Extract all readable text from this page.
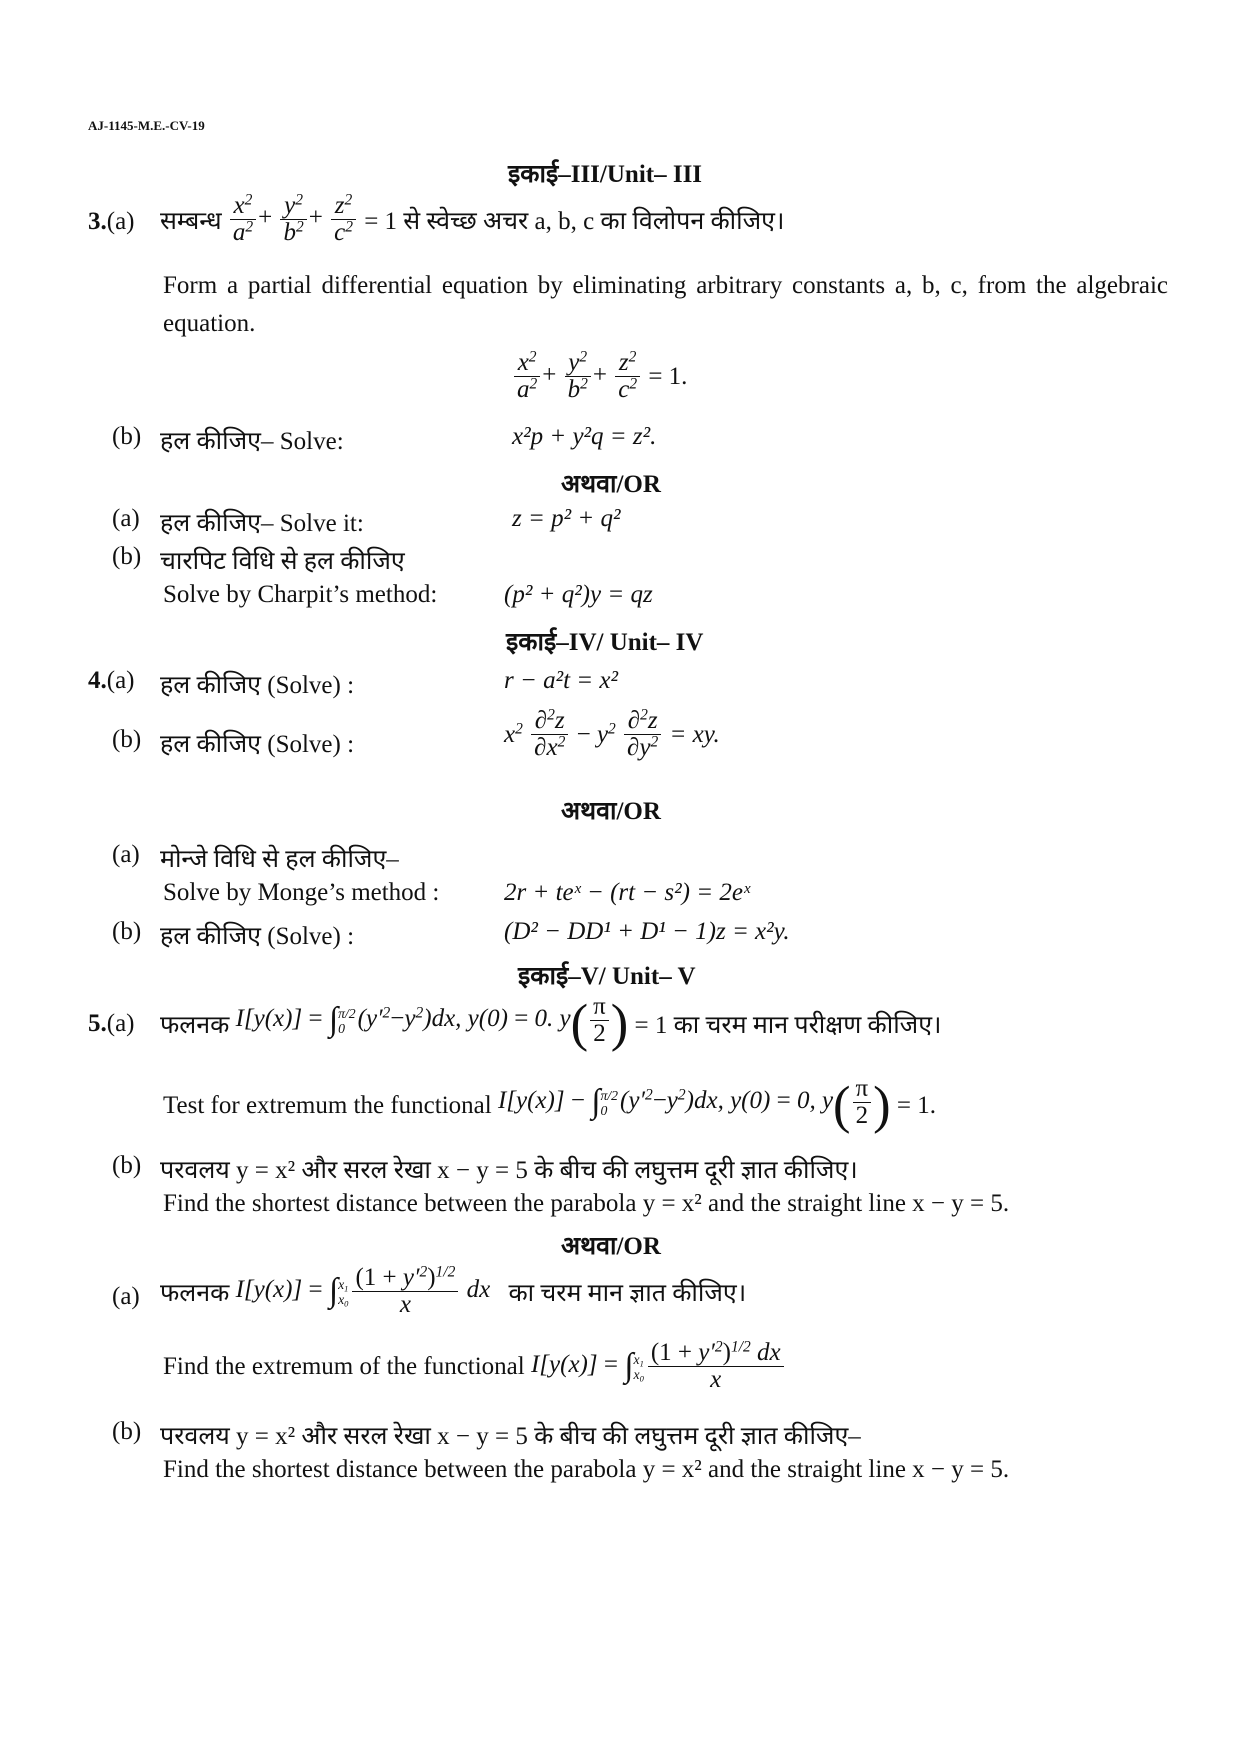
AJ-1145-M.E.-CV-19
इकाई–III/Unit– III
3.(a) सम्बन्ध $\frac{x^2}{a^2} + \frac{y^2}{b^2} + \frac{z^2}{c^2} = 1$ से स्वेच्छ अचर a, b, c का विलोपन कीजिए।
Form a partial differential equation by eliminating arbitrary constants a, b, c, from the algebraic equation.
$\frac{x^2}{a^2} + \frac{y^2}{b^2} + \frac{z^2}{c^2} = 1$.
(b) हल कीजिए– Solve:	x²p + y²q = z².
अथवा/OR
(a) हल कीजिए– Solve it:	z = p² + q²
(b) चारपिट विधि से हल कीजिए
Solve by Charpit’s method:	(p² + q²)y = qz
इकाई–IV/ Unit– IV
4.(a) हल कीजिए (Solve) :	r − a²t = x²
(b) हल कीजिए (Solve) :	$x^2 \frac{\partial^2z}{\partial x^2} - y^2 \frac{\partial^2z}{\partial y^2}$ = xy.
अथवा/OR
(a) मोन्जे विधि से हल कीजिए–
Solve by Monge’s method :	2r + teˣ − (rt − s²) = 2eˣ
(b) हल कीजिए (Solve) :	(D² − DD¹ + D¹ − 1)z = x²y.
इकाई–V/ Unit– V
5.(a) फलनक I[y(x)] = ∫ π/2
0 $(y'^2-y^2)dx$, y(0) = 0. $y( \frac{\pi}{2}$ ) = 1 का चरम मान परीक्षण कीजिए।
Test for extremum the functional I[y(x)] − ∫ π/2
0 $(y'^2-y^2)dx$, y(0) = 0, $y( \frac{\pi}{2}$ ) = 1.
(b) परवलय y = x² और सरल रेखा x − y = 5 के बीच की लघुत्तम दूरी ज्ञात कीजिए।
Find the shortest distance between the parabola y = x² and the straight line x − y = 5.
अथवा/OR
(a) फलनक I[y(x)] = ∫ $x_1$
$x_0 \frac{(1 + y'^2)^{1/2}}{x}$ dx का चरम मान ज्ञात कीजिए।
Find the extremum of the functional I[y(x)] = ∫ $x_1$
$x_0 \frac{(1 + y'^2)^{1/2} dx}{x}$
(b) परवलय y = x² और सरल रेखा x − y = 5 के बीच की लघुत्तम दूरी ज्ञात कीजिए–
Find the shortest distance between the parabola y = x² and the straight line x − y = 5.
